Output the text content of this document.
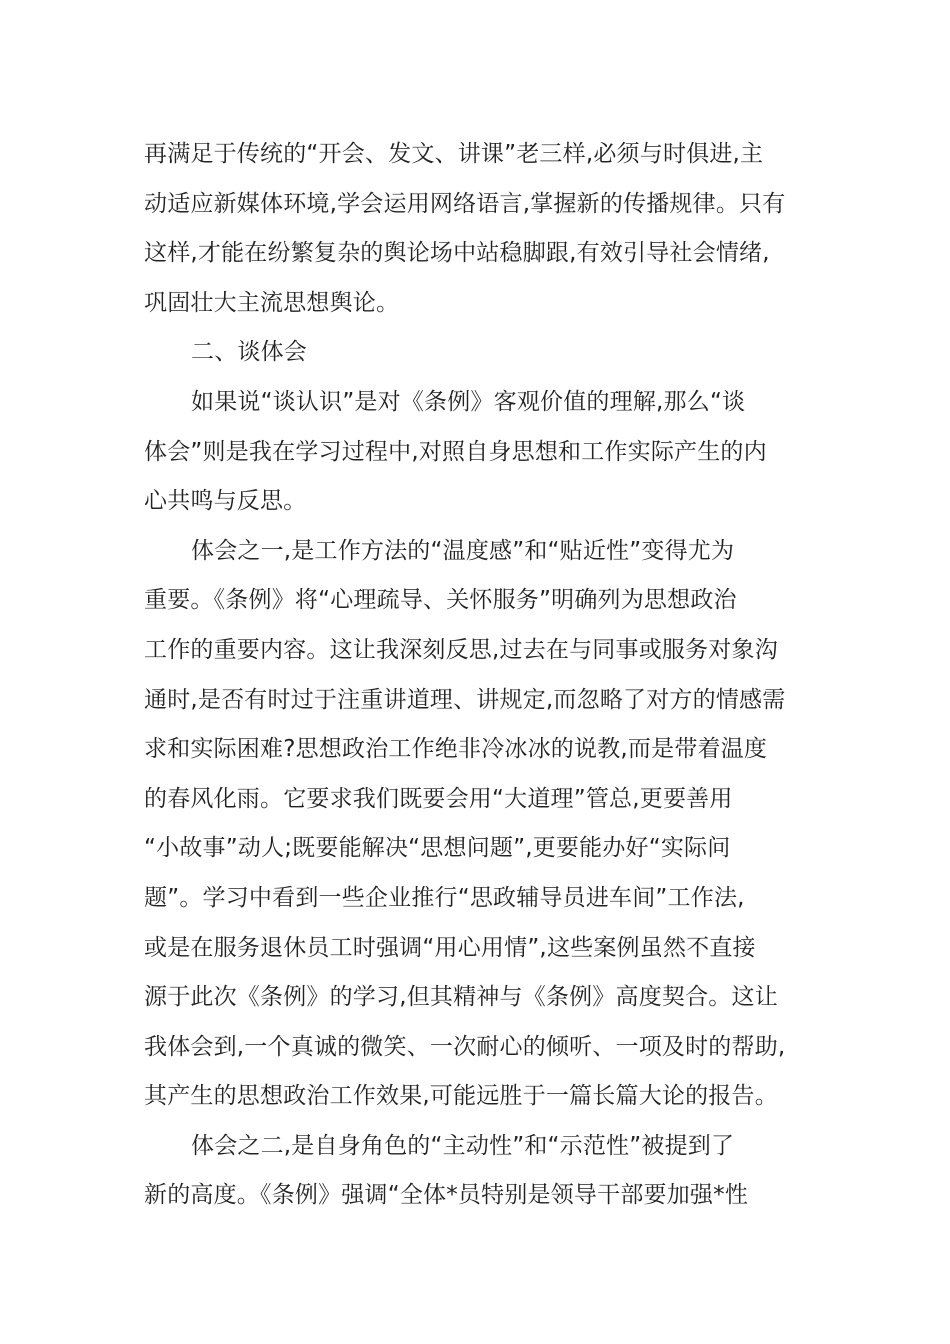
再满足于传统的“开会、发文、讲课”老三样,必须与时俱进,主
动适应新媒体环境,学会运用网络语言,掌握新的传播规律。只有
这样,才能在纷繁复杂的舆论场中站稳脚跟,有效引导社会情绪,
巩固壮大主流思想舆论。
二、谈体会
如果说“谈认识”是对《条例》客观价值的理解,那么“谈
体会”则是我在学习过程中,对照自身思想和工作实际产生的内
心共鸣与反思。
体会之一,是工作方法的“温度感”和“贴近性”变得尤为
重要。《条例》将“心理疏导、关怀服务”明确列为思想政治
工作的重要内容。这让我深刻反思,过去在与同事或服务对象沟
通时,是否有时过于注重讲道理、讲规定,而忽略了对方的情感需
求和实际困难?思想政治工作绝非冷冰冰的说教,而是带着温度
的春风化雨。它要求我们既要会用“大道理”管总,更要善用
“小故事”动人;既要能解决“思想问题”,更要能办好“实际问
题”。学习中看到一些企业推行“思政辅导员进车间”工作法,
或是在服务退休员工时强调“用心用情”,这些案例虽然不直接
源于此次《条例》的学习,但其精神与《条例》高度契合。这让
我体会到,一个真诚的微笑、一次耐心的倾听、一项及时的帮助,
其产生的思想政治工作效果,可能远胜于一篇长篇大论的报告。
体会之二,是自身角色的“主动性”和“示范性”被提到了
新的高度。《条例》强调“全体*员特别是领导干部要加强*性
